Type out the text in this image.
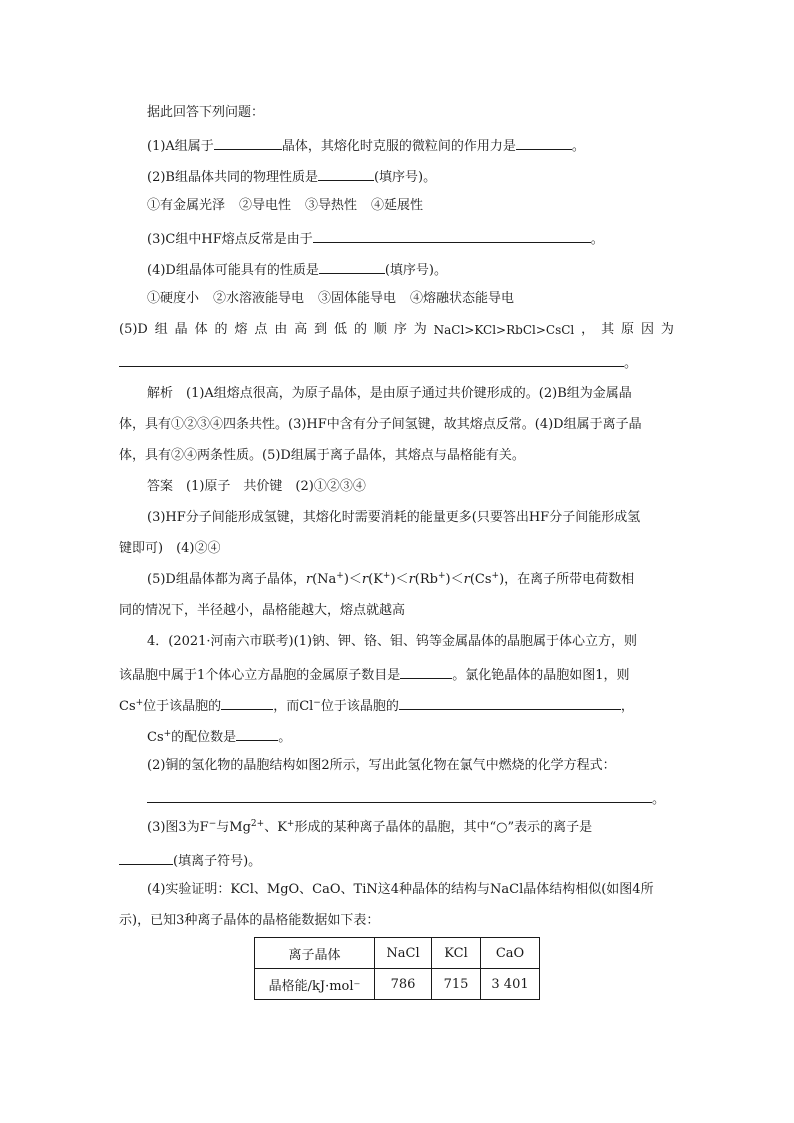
据此回答下列问题：
(1)A组属于	晶体，其熔化时克服的微粒间的作用力是	。
(2)B组晶体共同的物理性质是	(填序号)。
①有金属光泽 ②导电性 ③导热性 ④延展性
(3)C组中HF熔点反常是由于	。
(4)D组晶体可能具有的性质是	(填序号)。
①硬度小 ②水溶液能导电 ③固体能导电 ④熔融状态能导电
(5)D 组 晶 体 的 熔 点 由 高 到 低 的 顺 序 为 NaCl>KCl>RbCl>CsCl ， 其 原 因 为
。
解析　(1)A组熔点很高，为原子晶体，是由原子通过共价键形成的。(2)B组为金属晶
体，具有①②③④四条共性。(3)HF中含有分子间氢键，故其熔点反常。(4)D组属于离子晶
体，具有②④两条性质。(5)D组属于离子晶体，其熔点与晶格能有关。
答案　(1)原子　共价键　(2)①②③④
(3)HF分子间能形成氢键，其熔化时需要消耗的能量更多(只要答出HF分子间能形成氢
键即可)　(4)②④
(5)D组晶体都为离子晶体，r(Na+)＜r(K+)＜r(Rb+)＜r(Cs+)，在离子所带电荷数相
同的情况下，半径越小，晶格能越大，熔点就越高
4．(2021·河南六市联考)(1)钠、钾、铬、钼、钨等金属晶体的晶胞属于体心立方，则
该晶胞中属于1个体心立方晶胞的金属原子数目是	。氯化铯晶体的晶胞如图1，则
Cs+位于该晶胞的	，而Cl−位于该晶胞的	，
Cs+的配位数是	。
(2)铜的氢化物的晶胞结构如图2所示，写出此氢化物在氯气中燃烧的化学方程式：
。
(3)图3为F−与$Mg^{2+}$、K+形成的某种离子晶体的晶胞，其中“○”表示的离子是
(填离子符号)。
(4)实验证明：KCl、MgO、CaO、TiN这4种晶体的结构与NaCl晶体结构相似(如图4所
示)，已知3种离子晶体的晶格能数据如下表：
离子晶体	NaCl	KCl	CaO
晶格能/kJ·mol⁻	786	715	3 401
